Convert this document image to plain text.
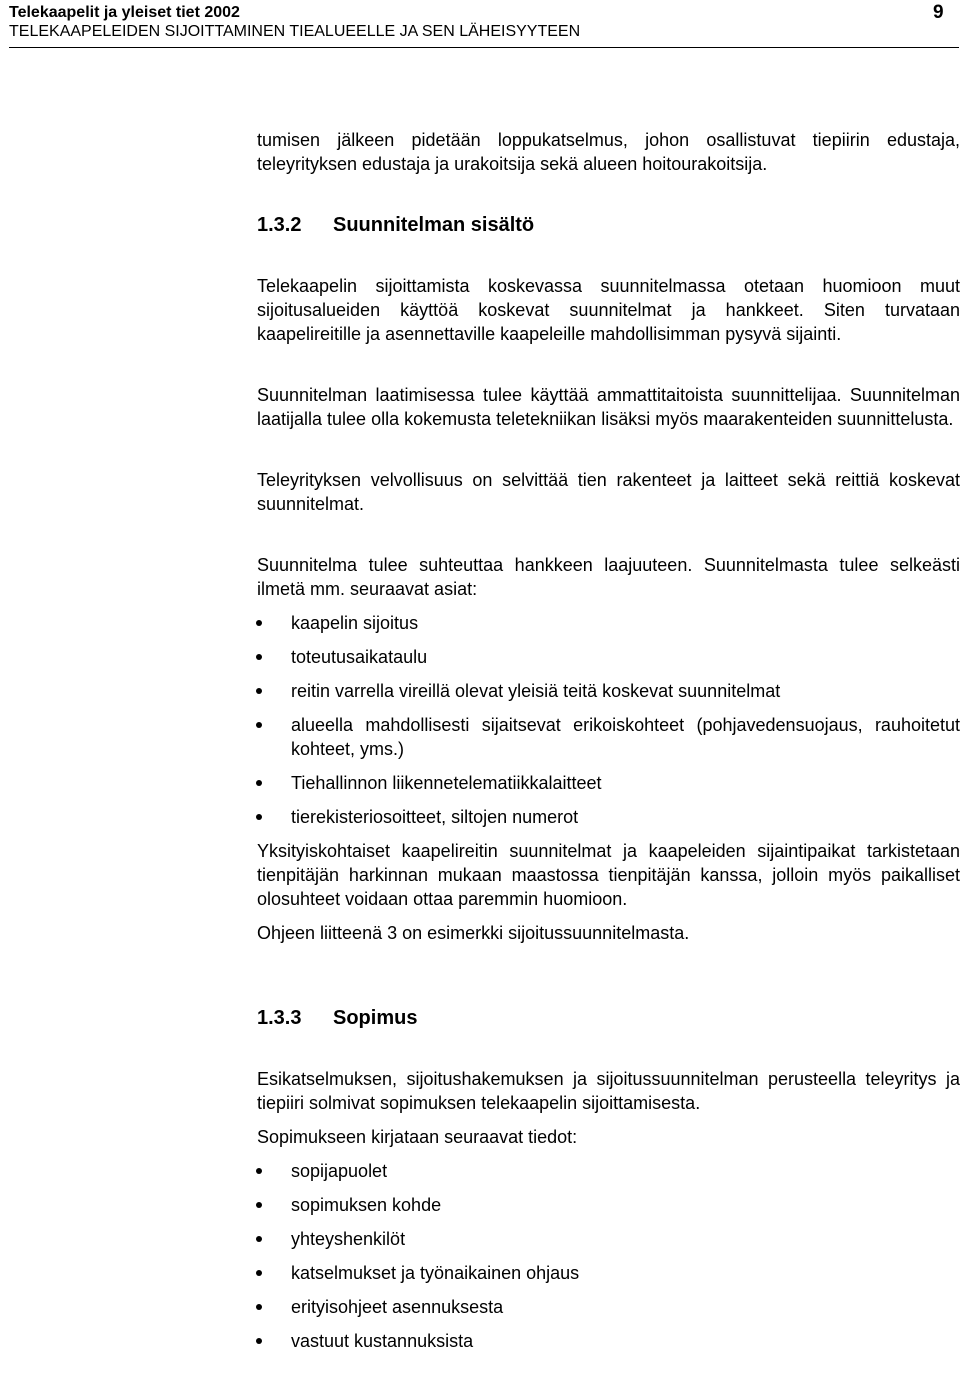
Telekaapelit ja yleiset tiet 2002
TELEKAAPELEIDEN SIJOITTAMINEN TIEALUEELLE JA SEN LÄHEISYYTEEN
9

tumisen jälkeen pidetään loppukatselmus, johon osallistuvat tiepiirin edustaja, teleyrityksen edustaja ja urakoitsija sekä alueen hoitourakoitsija.

1.3.2 Suunnitelman sisältö

Telekaapelin sijoittamista koskevassa suunnitelmassa otetaan huomioon muut sijoitusalueiden käyttöä koskevat suunnitelmat ja hankkeet. Siten turvataan kaapelireitille ja asennettaville kaapeleille mahdollisimman pysyvä sijainti.

Suunnitelman laatimisessa tulee käyttää ammattitaitoista suunnittelijaa. Suunnitelman laatijalla tulee olla kokemusta teletekniikan lisäksi myös maarakenteiden suunnittelusta.

Teleyrityksen velvollisuus on selvittää tien rakenteet ja laitteet sekä reittiä koskevat suunnitelmat.

Suunnitelma tulee suhteuttaa hankkeen laajuuteen. Suunnitelmasta tulee selkeästi ilmetä mm. seuraavat asiat:

kaapelin sijoitus
toteutusaikataulu
reitin varrella vireillä olevat yleisiä teitä koskevat suunnitelmat
alueella mahdollisesti sijaitsevat erikoiskohteet (pohjavedensuojaus, rauhoitetut kohteet, yms.)
Tiehallinnon liikennetelematiikkalaitteet
tierekisteriosoitteet, siltojen numerot

Yksityiskohtaiset kaapelireitin suunnitelmat ja kaapeleiden sijaintipaikat tarkistetaan tienpitäjän harkinnan mukaan maastossa tienpitäjän kanssa, jolloin myös paikalliset olosuhteet voidaan ottaa paremmin huomioon.

Ohjeen liitteenä 3 on esimerkki sijoitussuunnitelmasta.

1.3.3 Sopimus

Esikatselmuksen, sijoitushakemuksen ja sijoitussuunnitelman perusteella teleyritys ja tiepiiri solmivat sopimuksen telekaapelin sijoittamisesta.

Sopimukseen kirjataan seuraavat tiedot:

sopijapuolet
sopimuksen kohde
yhteyshenkilöt
katselmukset ja työnaikainen ohjaus
erityisohjeet asennuksesta
vastuut kustannuksista
